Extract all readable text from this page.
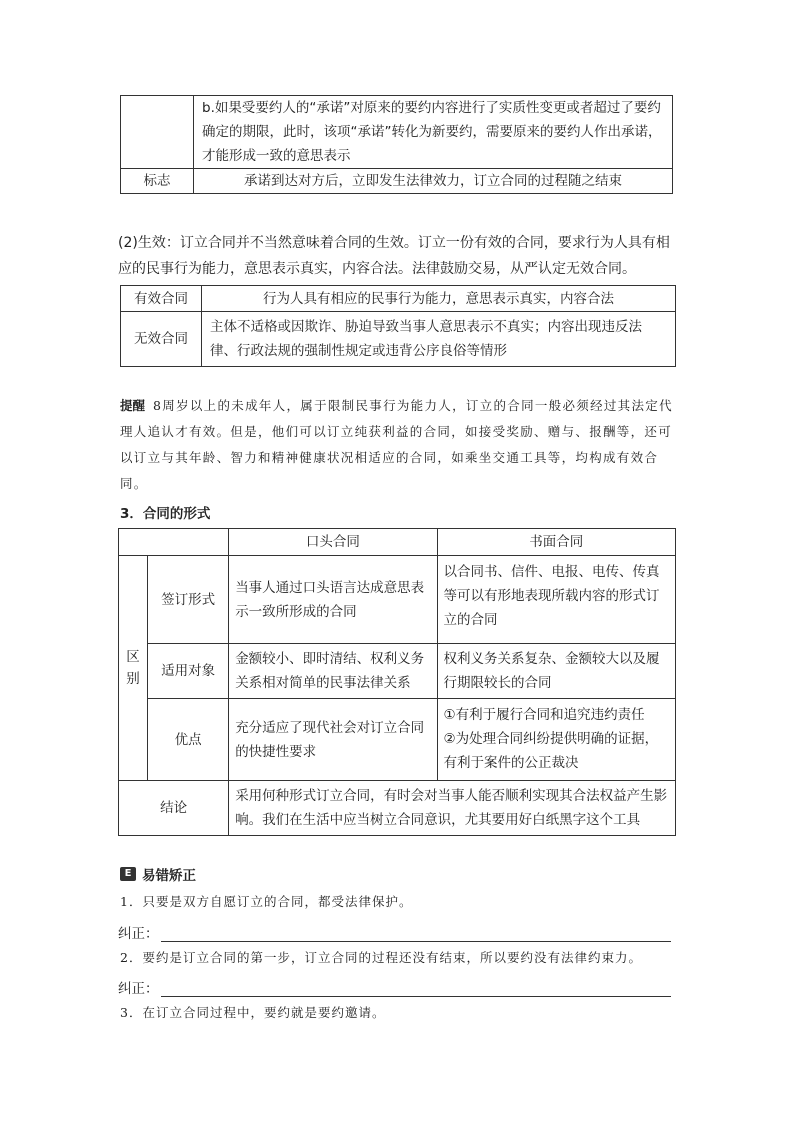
	b.如果受要约人的“承诺”对原来的要约内容进行了实质性变更或者超过了要约确定的期限，此时，该项“承诺”转化为新要约，需要原来的要约人作出承诺，才能形成一致的意思表示
标志	承诺到达对方后，立即发生法律效力，订立合同的过程随之结束
(2)生效：订立合同并不当然意味着合同的生效。订立一份有效的合同，要求行为人具有相应的民事行为能力，意思表示真实，内容合法。法律鼓励交易，从严认定无效合同。
有效合同	行为人具有相应的民事行为能力，意思表示真实，内容合法
无效合同	主体不适格或因欺诈、胁迫导致当事人意思表示不真实；内容出现违反法律、行政法规的强制性规定或违背公序良俗等情形
提醒 8周岁以上的未成年人，属于限制民事行为能力人，订立的合同一般必须经过其法定代理人追认才有效。但是，他们可以订立纯获利益的合同，如接受奖励、赠与、报酬等，还可以订立与其年龄、智力和精神健康状况相适应的合同，如乘坐交通工具等，均构成有效合同。
3．合同的形式
		口头合同	书面合同
区别	签订形式	当事人通过口头语言达成意思表示一致所形成的合同	以合同书、信件、电报、电传、传真等可以有形地表现所载内容的形式订立的合同
	适用对象	金额较小、即时清结、权利义务关系相对简单的民事法律关系	权利义务关系复杂、金额较大以及履行期限较长的合同
	优点	充分适应了现代社会对订立合同的快捷性要求	①有利于履行合同和追究违约责任
②为处理合同纠纷提供明确的证据，有利于案件的公正裁决

结论		采用何种形式订立合同，有时会对当事人能否顺利实现其合法权益产生影响。我们在生活中应当树立合同意识，尤其要用好白纸黑字这个工具	
E 易错矫正
1．只要是双方自愿订立的合同，都受法律保护。
纠正：
2．要约是订立合同的第一步，订立合同的过程还没有结束，所以要约没有法律约束力。
纠正：
3．在订立合同过程中，要约就是要约邀请。
